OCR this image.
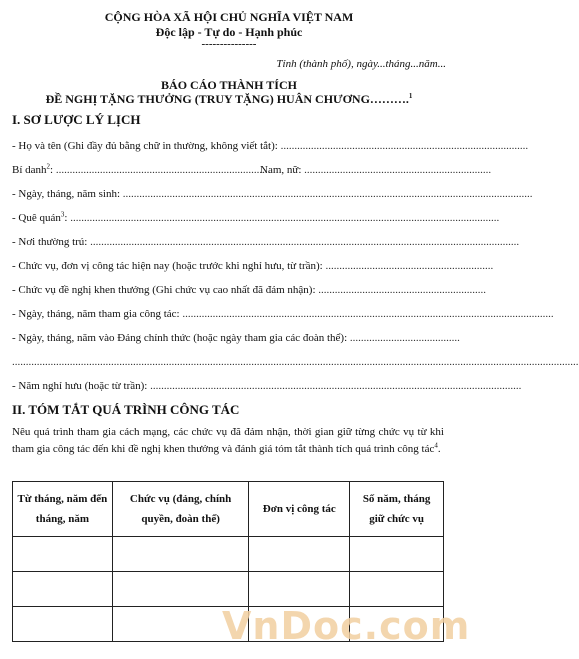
CỘNG HÒA XÃ HỘI CHỦ NGHĨA VIỆT NAM
Độc lập - Tự do - Hạnh phúc
---------------
Tỉnh (thành phố), ngày...tháng...năm...
BÁO CÁO THÀNH TÍCH
ĐỀ NGHỊ TẶNG THƯỞNG (TRUY TẶNG) HUÂN CHƯƠNG……….$^1$
I. SƠ LƯỢC LÝ LỊCH
- Họ và tên (Ghi đầy đủ bằng chữ in thường, không viết tắt): ..........................................................................................
Bí danh$^2$: ..............................................................................
Nam, nữ: ....................................................................
- Ngày, tháng, năm sinh: .....................................................................................................................................................
- Quê quán$^3$: ............................................................................................................................................................
- Nơi thường trú: ............................................................................................................................................................
- Chức vụ, đơn vị công tác hiện nay (hoặc trước khi nghỉ hưu, từ trần): .............................................................
- Chức vụ đề nghị khen thưởng (Ghi chức vụ cao nhất đã đảm nhận): .............................................................
- Ngày, tháng, năm tham gia công tác: .......................................................................................................................................
- Ngày, tháng, năm vào Đảng chính thức (hoặc ngày tham gia các đoàn thể): ........................................
..............................................................................................................................................................................................................
- Năm nghỉ hưu (hoặc từ trần): .......................................................................................................................................
II. TÓM TẮT QUÁ TRÌNH CÔNG TÁC
Nêu quá trình tham gia cách mạng, các chức vụ đã đảm nhận, thời gian giữ từng chức vụ từ khi tham gia công tác đến khi đề nghị khen thưởng và đánh giá tóm tắt thành tích quá trình công tác$^4$.
Từ tháng, năm đến tháng, năm	Chức vụ (đảng, chính quyền, đoàn thể)	Đơn vị công tác	Số năm, tháng giữ chức vụ

VnDoc.com
